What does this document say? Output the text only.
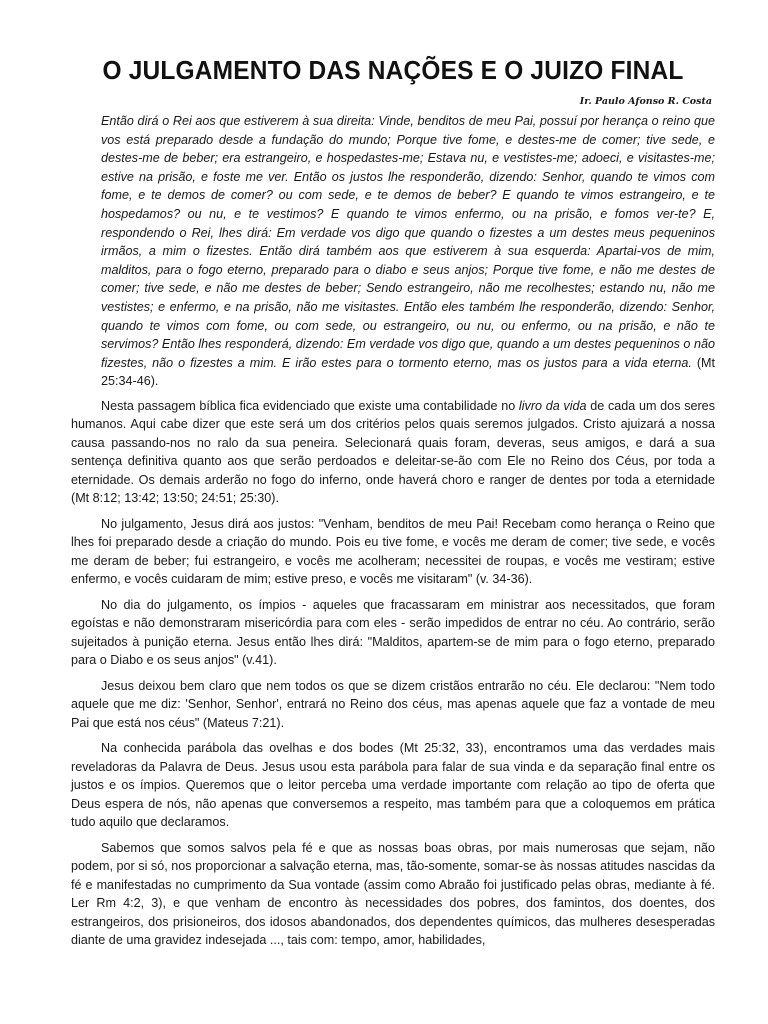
O JULGAMENTO DAS NAÇÕES E O JUIZO FINAL
Ir. Paulo Afonso R. Costa

Então dirá o Rei aos que estiverem à sua direita: Vinde, benditos de meu Pai, possuí por herança o reino que vos está preparado desde a fundação do mundo; Porque tive fome, e destes-me de comer; tive sede, e destes-me de beber; era estrangeiro, e hospedastes-me; Estava nu, e vestistes-me; adoeci, e visitastes-me; estive na prisão, e foste me ver. Então os justos lhe responderão, dizendo: Senhor, quando te vimos com fome, e te demos de comer? ou com sede, e te demos de beber? E quando te vimos estrangeiro, e te hospedamos? ou nu, e te vestimos? E quando te vimos enfermo, ou na prisão, e fomos ver-te? E, respondendo o Rei, lhes dirá: Em verdade vos digo que quando o fizestes a um destes meus pequeninos irmãos, a mim o fizestes. Então dirá também aos que estiverem à sua esquerda: Apartai-vos de mim, malditos, para o fogo eterno, preparado para o diabo e seus anjos; Porque tive fome, e não me destes de comer; tive sede, e não me destes de beber; Sendo estrangeiro, não me recolhestes; estando nu, não me vestistes; e enfermo, e na prisão, não me visitastes. Então eles também lhe responderão, dizendo: Senhor, quando te vimos com fome, ou com sede, ou estrangeiro, ou nu, ou enfermo, ou na prisão, e não te servimos? Então lhes responderá, dizendo: Em verdade vos digo que, quando a um destes pequeninos o não fizestes, não o fizestes a mim. E irão estes para o tormento eterno, mas os justos para a vida eterna. (Mt 25:34-46).

Nesta passagem bíblica fica evidenciado que existe uma contabilidade no livro da vida de cada um dos seres humanos. Aqui cabe dizer que este será um dos critérios pelos quais seremos julgados. Cristo ajuizará a nossa causa passando-nos no ralo da sua peneira. Selecionará quais foram, deveras, seus amigos, e dará a sua sentença definitiva quanto aos que serão perdoados e deleitar-se-ão com Ele no Reino dos Céus, por toda a eternidade. Os demais arderão no fogo do inferno, onde haverá choro e ranger de dentes por toda a eternidade (Mt 8:12; 13:42; 13:50; 24:51; 25:30).

No julgamento, Jesus dirá aos justos: "Venham, benditos de meu Pai! Recebam como herança o Reino que lhes foi preparado desde a criação do mundo. Pois eu tive fome, e vocês me deram de comer; tive sede, e vocês me deram de beber; fui estrangeiro, e vocês me acolheram; necessitei de roupas, e vocês me vestiram; estive enfermo, e vocês cuidaram de mim; estive preso, e vocês me visitaram" (v. 34-36).

No dia do julgamento, os ímpios - aqueles que fracassaram em ministrar aos necessitados, que foram egoístas e não demonstraram misericórdia para com eles - serão impedidos de entrar no céu. Ao contrário, serão sujeitados à punição eterna. Jesus então lhes dirá: "Malditos, apartem-se de mim para o fogo eterno, preparado para o Diabo e os seus anjos" (v.41).

Jesus deixou bem claro que nem todos os que se dizem cristãos entrarão no céu. Ele declarou: "Nem todo aquele que me diz: 'Senhor, Senhor', entrará no Reino dos céus, mas apenas aquele que faz a vontade de meu Pai que está nos céus" (Mateus 7:21).

Na conhecida parábola das ovelhas e dos bodes (Mt 25:32, 33), encontramos uma das verdades mais reveladoras da Palavra de Deus. Jesus usou esta parábola para falar de sua vinda e da separação final entre os justos e os ímpios. Queremos que o leitor perceba uma verdade importante com relação ao tipo de oferta que Deus espera de nós, não apenas que conversemos a respeito, mas também para que a coloquemos em prática tudo aquilo que declaramos.

Sabemos que somos salvos pela fé e que as nossas boas obras, por mais numerosas que sejam, não podem, por si só, nos proporcionar a salvação eterna, mas, tão-somente, somar-se às nossas atitudes nascidas da fé e manifestadas no cumprimento da Sua vontade (assim como Abraão foi justificado pelas obras, mediante à fé. Ler Rm 4:2, 3), e que venham de encontro às necessidades dos pobres, dos famintos, dos doentes, dos estrangeiros, dos prisioneiros, dos idosos abandonados, dos dependentes químicos, das mulheres desesperadas diante de uma gravidez indesejada ..., tais com: tempo, amor, habilidades,
